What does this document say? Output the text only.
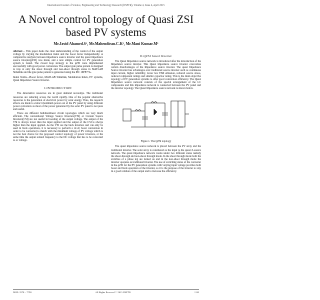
International Journal of Science, Engineering and Technology Research (IJSETR), Volume 4, Issue 4, April 2015
A Novel control topology of Quasi ZSI based PV systems
Mr.Javid Ahamed.S¹, Mr.Mahendiran.C.K², Mr.Mani Kumar.M³
Abstract— This paper deals the clear understanding of the control of the output voltage by varying the modulation index and the boost factor independently. A comparative analysis between impedance source inverter and the quasi impedance source inverter(qZSI) was made, and a new simple control for PV generation system is found. The closed loop strategy to the qZSI were implemented successfully with good power conversion. The output gate pulse pattern is designed to trap at only the shoot through and non-shoot through states in MATLAB Simulink and the gate pulse pattern is generated using the PIC 16F877A.
Index Terms—Boost factor, MATLAB Simulink, Modulation Index, PV systems, Quasi Impedance Source Inverter.
I.INTRODUCTION

The Alternative resources are in great demand nowadays. The traditional resources are reducing across the world rapidly. One of the popular alternative resources is the generation of electrical power by solar energy. Thus, the research efforts are made to extract maximum power out of the PV panel by using different power converters as most of the power generated by the solar PV panel is not pure and useful.

There are different buildnonlinear circuit topologies which are very much efficient. The conventional Voltage Source Inverters(VSI) or Current Source Inverters(CSI) are not useful in boosting of the output voltage. The output of the VSI is always lower than the input applied and the output of the CSI is always higher than the input applied. As the VSI are the buck inverters and can only be used in buck operations, it is necessary to perform a dc-dc boost conversion in order to be converted to match with the minimum voltage of PV voltage which is not the best choice for the proposed control topology of power inverters, at the same time the output related frequency to the DC voltage that has to be converted to ac voltage.

II.QZSI based Inverter

The Quasi Impedance source network is introduced after the introduction of the Impedance source inverter. This Quasi impedance source inverter overcomes certain disadvantages of the Impedance source inverter. The quasi Impedance Source inverter has advantages over traditional source inverter such as continuous input current, higher reliability, lower low EMI emission, reduced source stress, reduced component ratings and smaller capacitor rating. This is the main objective topology of PV generation systems to offer good conversion efficiency. The Quasi Impedance source network consists of the special arrangement of the LC components and this impedance network is connected between the PV panel and the inverter topology. The Quasi Impedance source network is shown below.

Figure 1. The QZSI topology

The quasi impedance source network is placed between the PV array and the traditional inverter. The solar array is considered as the input to the quasi Z-source network. The quasi impedance network works under two different states namely the shoot-through and non-shoot through mode. In the shoot through mode both the switches of a phase leg are turned on and in the non-shoot through mode the inverter operates as traditional inverter. The use of switching states of the converter in the qZSI for the PV generation systems with varying input voltage provides both boost and buck operation of the inverter, so it is the purpose of the inverter to stay in a good relation of the output and to increase the efficiency.

ISSN: 2278 – 7798	All Rights Reserved © 2015 IJSETR	1116
